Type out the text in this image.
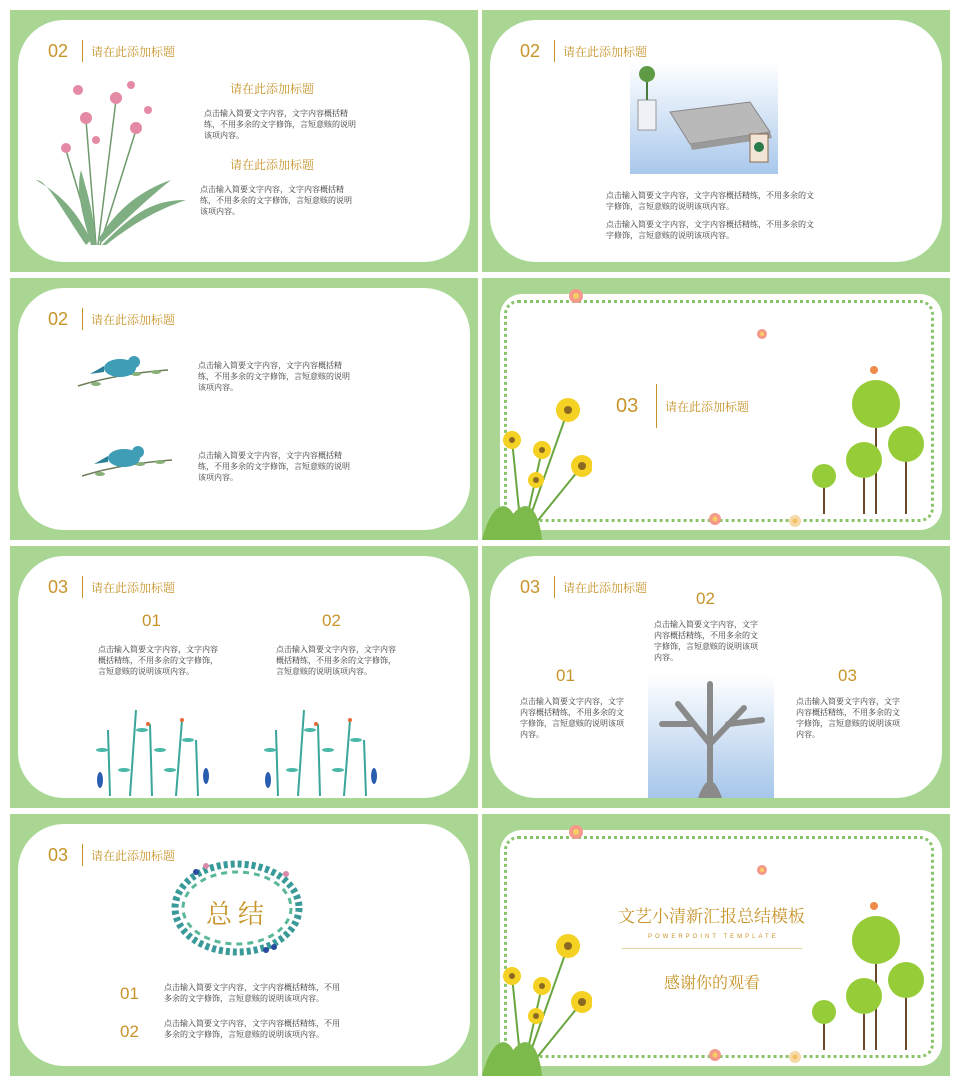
02	请在此添加标题
请在此添加标题
点击输入简要文字内容，文字内容概括精练，不用多余的文字修饰，言短意赅的说明该项内容。
请在此添加标题
点击输入简要文字内容，文字内容概括精练，不用多余的文字修饰，言短意赅的说明该项内容。
02	请在此添加标题
点击输入简要文字内容，文字内容概括精练，不用多余的文字修饰，言短意赅的说明该项内容。
点击输入简要文字内容，文字内容概括精练，不用多余的文字修饰，言短意赅的说明该项内容。
02	请在此添加标题
点击输入简要文字内容，文字内容概括精练，不用多余的文字修饰，言短意赅的说明该项内容。
点击输入简要文字内容，文字内容概括精练，不用多余的文字修饰，言短意赅的说明该项内容。
03	请在此添加标题
03	请在此添加标题
01
点击输入简要文字内容，文字内容概括精练，不用多余的文字修饰，言短意赅的说明该项内容。
02
点击输入简要文字内容，文字内容概括精练，不用多余的文字修饰，言短意赅的说明该项内容。
03	请在此添加标题
02
点击输入简要文字内容，文字内容概括精练，不用多余的文字修饰，言短意赅的说明该项内容。
01
点击输入简要文字内容，文字内容概括精练，不用多余的文字修饰，言短意赅的说明该项内容。
03
点击输入简要文字内容，文字内容概括精练，不用多余的文字修饰，言短意赅的说明该项内容。
03	请在此添加标题
总结
01	点击输入简要文字内容，文字内容概括精练，不用多余的文字修饰，言短意赅的说明该项内容。
02	点击输入简要文字内容，文字内容概括精练，不用多余的文字修饰，言短意赅的说明该项内容。
文艺小清新汇报总结模板
POWERPOINT TEMPLATE
感谢你的观看
